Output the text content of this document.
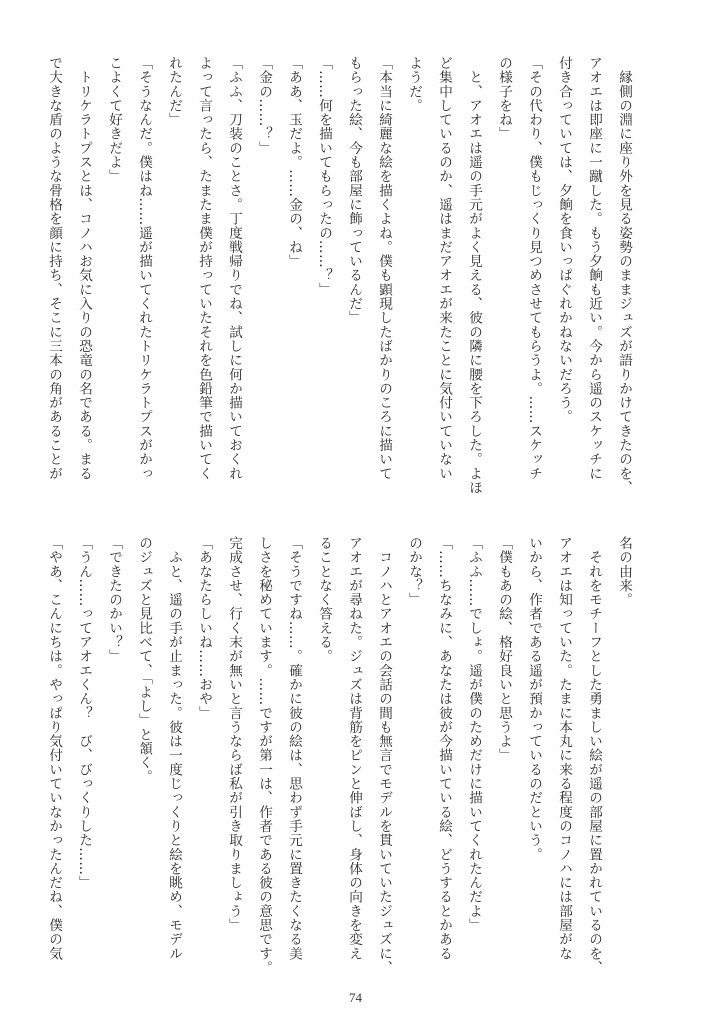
　縁側の淵に座り外を見る姿勢のままジュズが語りかけてきたのを、
アオエは即座に一蹴した。もう夕餉も近い。今から遥のスケッチに
付き合っていては、夕餉を食いっぱぐれかねないだろう。
「その代わり、僕もじっくり見つめさせてもらうよ。……スケッチ
の様子をね」
　と、アオエは遥の手元がよく見える、彼の隣に腰を下ろした。よほ
ど集中しているのか、遥はまだアオエが来たことに気付いていない
ようだ。
「本当に綺麗な絵を描くよね。僕も顕現したばかりのころに描いて
もらった絵、今も部屋に飾っているんだ」
「……何を描いてもらったの……？」
「ああ、玉だよ。……金の、ね」
「金の……？」
「ふふ、刀装のことさ。丁度戦帰りでね、試しに何か描いておくれ
よって言ったら、たまたま僕が持っていたそれを色鉛筆で描いてく
れたんだ」
「そうなんだ。僕はね……遥が描いてくれたトリケラトプスがかっ
こよくて好きだよ」
　トリケラトプスとは、コノハお気に入りの恐竜の名である。まる
で大きな盾のような骨格を顔に持ち、そこに三本の角があることが
名の由来。
　それをモチーフとした勇ましい絵が遥の部屋に置かれているのを、
アオエは知っていた。たまに本丸に来る程度のコノハには部屋がな
いから、作者である遥が預かっているのだという。
「僕もあの絵、格好良いと思うよ」
「ふふ……でしょ。遥が僕のためだけに描いてくれたんだよ」
「……ちなみに、あなたは彼が今描いている絵、どうするとかある
のかな？」
　コノハとアオエの会話の間も無言でモデルを貫いていたジュズに、
アオエが尋ねた。ジュズは背筋をピンと伸ばし、身体の向きを変え
ることなく答える。
「そうですね……。確かに彼の絵は、思わず手元に置きたくなる美
しさを秘めています。……ですが第一は、作者である彼の意思です。
完成させ、行く末が無いと言うならば私が引き取りましょう」
「あなたらしいね……おや」
　ふと、遥の手が止まった。彼は一度じっくりと絵を眺め、モデル
のジュズと見比べて、「よし」と頷く。
「できたのかい？」
「うん……ってアオエくん？　び、びっくりした……」
「やあ、こんにちは。やっぱり気付いていなかったんだね、僕の気
74
